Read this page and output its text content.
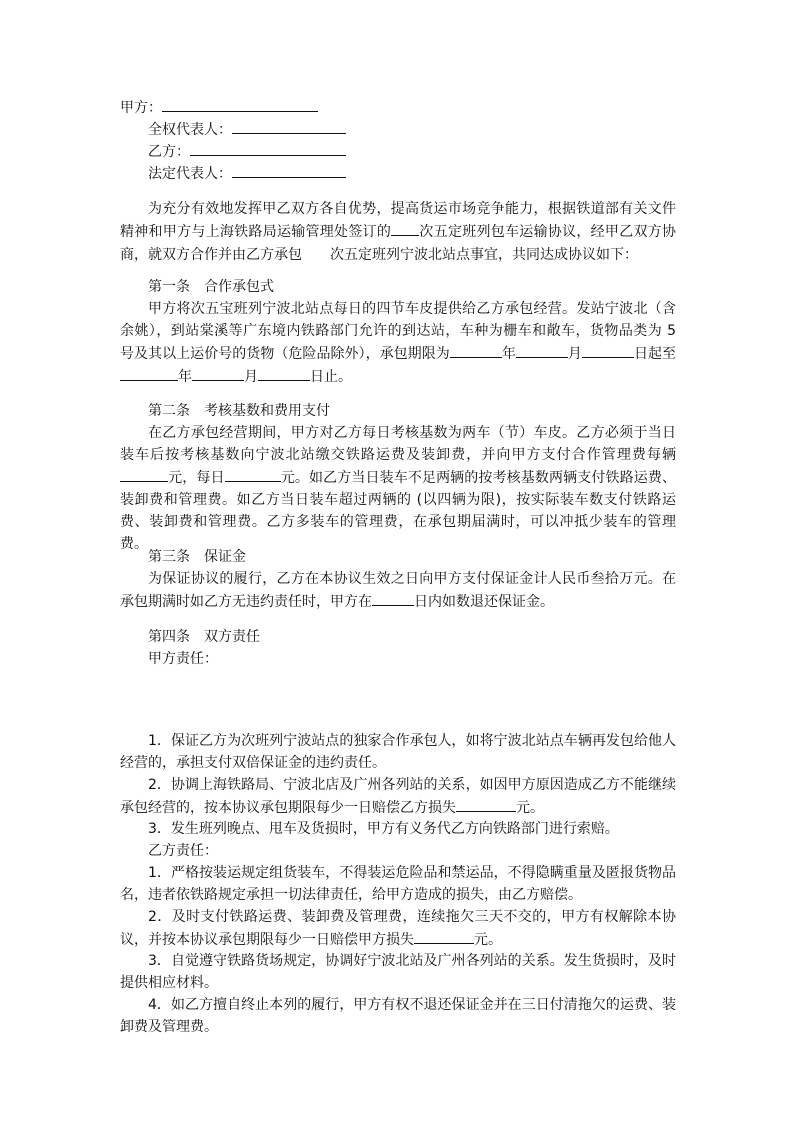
甲方：
全权代表人：
乙方：
法定代表人：
为充分有效地发挥甲乙双方各自优势，提高货运市场竞争能力，根据铁道部有关文件精神和甲方与上海铁路局运输管理处签订的 次五定班列包车运输协议，经甲乙双方协商，就双方合作并由乙方承包 次五定班列宁波北站点事宜，共同达成协议如下：
第一条　合作承包式
甲方将次五宝班列宁波北站点每日的四节车皮提供给乙方承包经营。发站宁波北（含余姚），到站棠溪等广东境内铁路部门允许的到达站，车种为栅车和敞车，货物品类为 5 号及其以上运价号的货物（危险品除外），承包期限为	年	月	日起至年	月	日止。
第二条　考核基数和费用支付
在乙方承包经营期间，甲方对乙方每日考核基数为两车（节）车皮。乙方必须于当日装车后按考核基数向宁波北站缴交铁路运费及装卸费，并向甲方支付合作管理费每辆元，每日	元。如乙方当日装车不足两辆的按考核基数两辆支付铁路运费、装卸费和管理费。如乙方当日装车超过两辆的 (以四辆为限)，按实际装车数支付铁路运费、装卸费和管理费。乙方多装车的管理费，在承包期届满时，可以冲抵少装车的管理费。
第三条　保证金
为保证协议的履行，乙方在本协议生效之日向甲方支付保证金计人民币叁拾万元。在承包期满时如乙方无违约责任时，甲方在	日内如数退还保证金。
第四条　双方责任
甲方责任：
1．保证乙方为次班列宁波站点的独家合作承包人，如将宁波北站点车辆再发包给他人经营的，承担支付双倍保证金的违约责任。
2．协调上海铁路局、宁波北店及广州各列站的关系，如因甲方原因造成乙方不能继续承包经营的，按本协议承包期限每少一日赔偿乙方损失	元。
3．发生班列晚点、甩车及货损时，甲方有义务代乙方向铁路部门进行索赔。
乙方责任：
1．严格按装运规定组货装车，不得装运危险品和禁运品，不得隐瞒重量及匿报货物品名，违者依铁路规定承担一切法律责任，给甲方造成的损失，由乙方赔偿。
2．及时支付铁路运费、装卸费及管理费，连续拖欠三天不交的，甲方有权解除本协议，并按本协议承包期限每少一日赔偿甲方损失	元。
3．自觉遵守铁路货场规定，协调好宁波北站及广州各列站的关系。发生货损时，及时提供相应材料。
4．如乙方擅自终止本列的履行，甲方有权不退还保证金并在三日付清拖欠的运费、装卸费及管理费。
